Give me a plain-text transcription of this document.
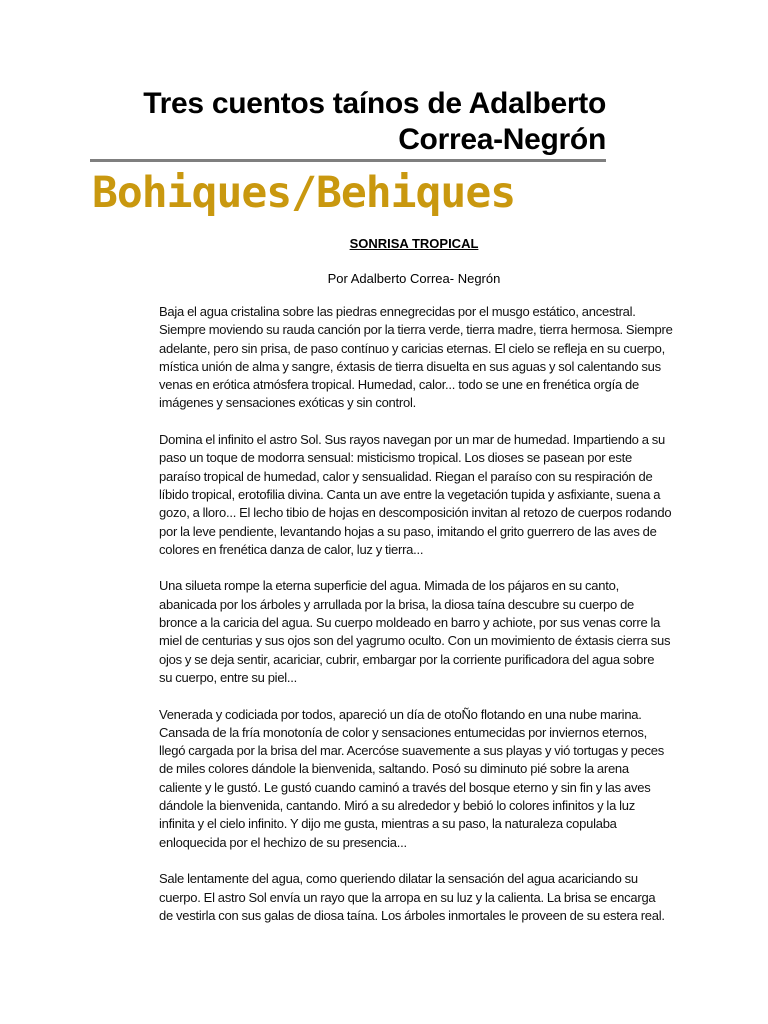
Tres cuentos taínos de Adalberto
Correa-Negrón
Bohiques/Behiques
SONRISA TROPICAL
Por Adalberto Correa- Negrón

Baja el agua cristalina sobre las piedras ennegrecidas por el musgo estático, ancestral.
Siempre moviendo su rauda canción por la tierra verde, tierra madre, tierra hermosa. Siempre
adelante, pero sin prisa, de paso contínuo y caricias eternas. El cielo se refleja en su cuerpo,
mística unión de alma y sangre, éxtasis de tierra disuelta en sus aguas y sol calentando sus
venas en erótica atmósfera tropical. Humedad, calor... todo se une en frenética orgía de
imágenes y sensaciones exóticas y sin control.

Domina el infinito el astro Sol. Sus rayos navegan por un mar de humedad. Impartiendo a su
paso un toque de modorra sensual: misticismo tropical. Los dioses se pasean por este
paraíso tropical de humedad, calor y sensualidad. Riegan el paraíso con su respiración de
líbido tropical, erotofilia divina. Canta un ave entre la vegetación tupida y asfixiante, suena a
gozo, a lloro... El lecho tibio de hojas en descomposición invitan al retozo de cuerpos rodando
por la leve pendiente, levantando hojas a su paso, imitando el grito guerrero de las aves de
colores en frenética danza de calor, luz y tierra...

Una silueta rompe la eterna superficie del agua. Mimada de los pájaros en su canto,
abanicada por los árboles y arrullada por la brisa, la diosa taína descubre su cuerpo de
bronce a la caricia del agua. Su cuerpo moldeado en barro y achiote, por sus venas corre la
miel de centurias y sus ojos son del yagrumo oculto. Con un movimiento de éxtasis cierra sus
ojos y se deja sentir, acariciar, cubrir, embargar por la corriente purificadora del agua sobre
su cuerpo, entre su piel...

Venerada y codiciada por todos, apareció un día de otoÑo flotando en una nube marina.
Cansada de la fría monotonía de color y sensaciones entumecidas por inviernos eternos,
llegó cargada por la brisa del mar. Acercóse suavemente a sus playas y vió tortugas y peces
de miles colores dándole la bienvenida, saltando. Posó su diminuto pié sobre la arena
caliente y le gustó. Le gustó cuando caminó a través del bosque eterno y sin fin y las aves
dándole la bienvenida, cantando. Miró a su alrededor y bebió lo colores infinitos y la luz
infinita y el cielo infinito. Y dijo me gusta, mientras a su paso, la naturaleza copulaba
enloquecida por el hechizo de su presencia...

Sale lentamente del agua, como queriendo dilatar la sensación del agua acariciando su
cuerpo. El astro Sol envía un rayo que la arropa en su luz y la calienta. La brisa se encarga
de vestirla con sus galas de diosa taína. Los árboles inmortales le proveen de su estera real.
